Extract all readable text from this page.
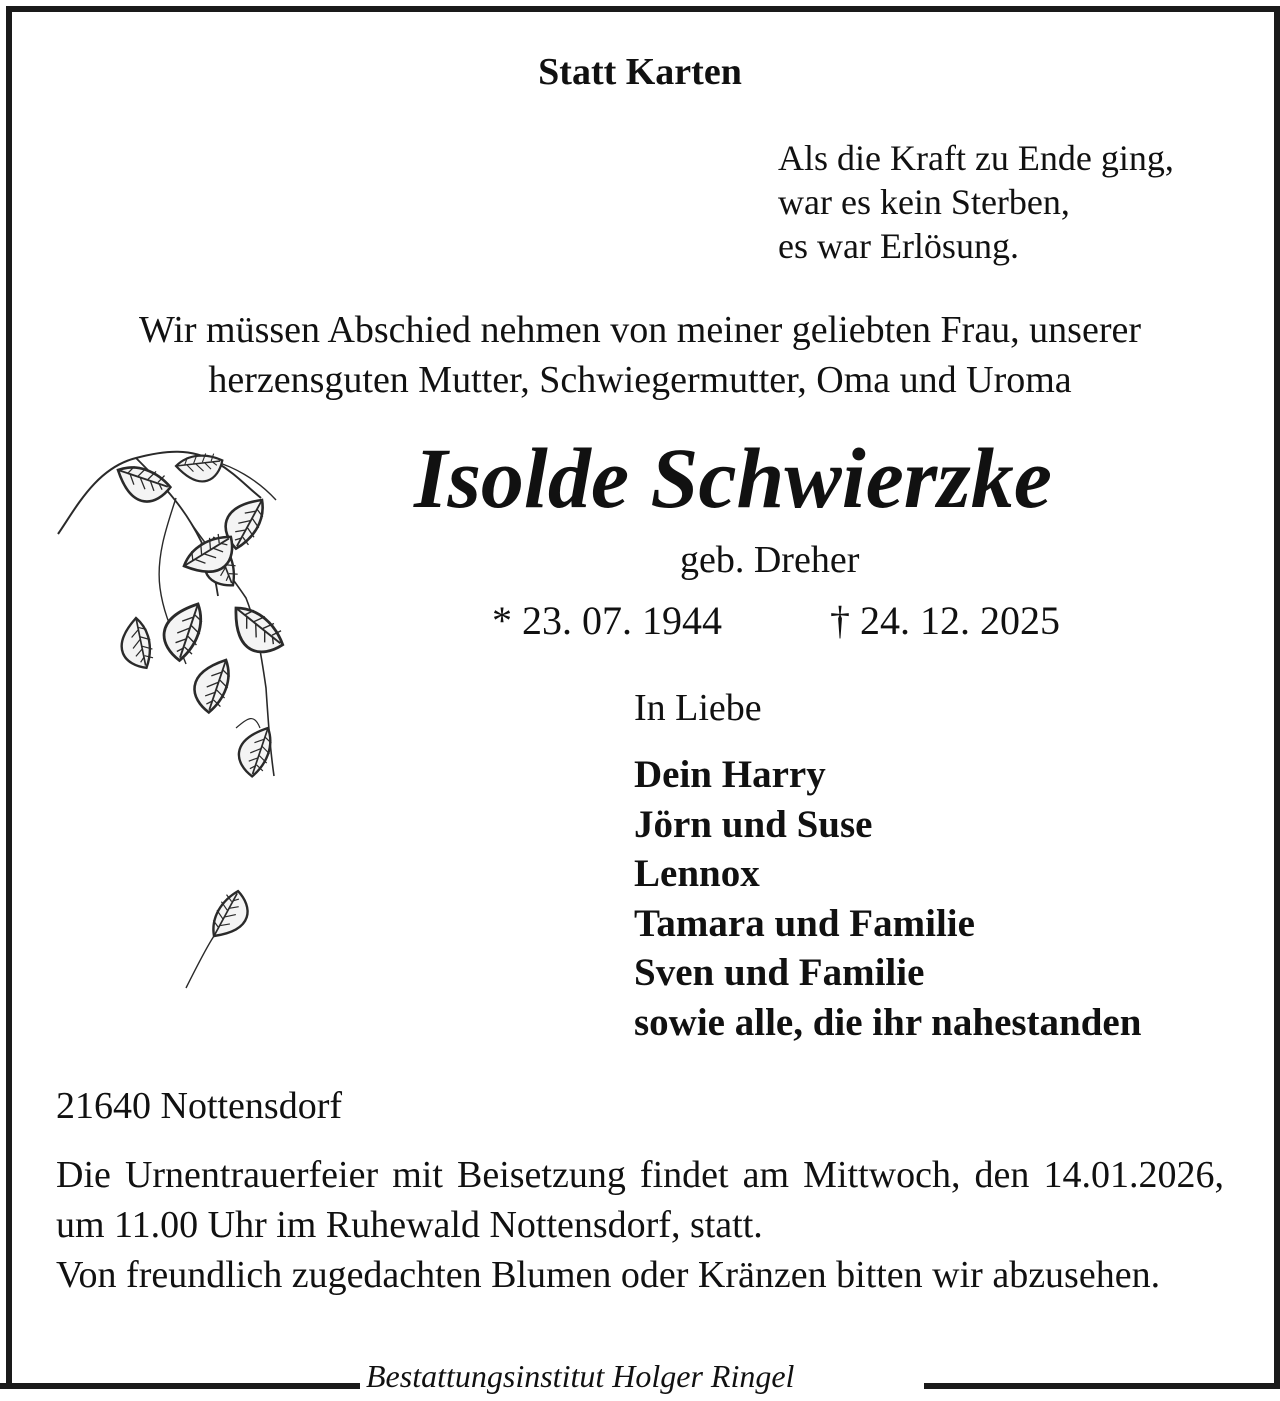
Statt Karten
Als die Kraft zu Ende ging,
war es kein Sterben,
es war Erlösung.
Wir müssen Abschied nehmen von meiner geliebten Frau, unserer
herzensguten Mutter, Schwiegermutter, Oma und Uroma
Isolde Schwierzke
geb. Dreher
* 23. 07. 1944	† 24. 12. 2025
In Liebe
Dein Harry
Jörn und Suse
Lennox
Tamara und Familie
Sven und Familie
sowie alle, die ihr nahestanden
21640 Nottensdorf

Die Urnentrauerfeier mit Beisetzung findet am Mittwoch, den 14.01.2026, um 11.00 Uhr im Ruhewald Nottensdorf, statt.

Von freundlich zugedachten Blumen oder Kränzen bitten wir abzusehen.

Bestattungsinstitut Holger Ringel
